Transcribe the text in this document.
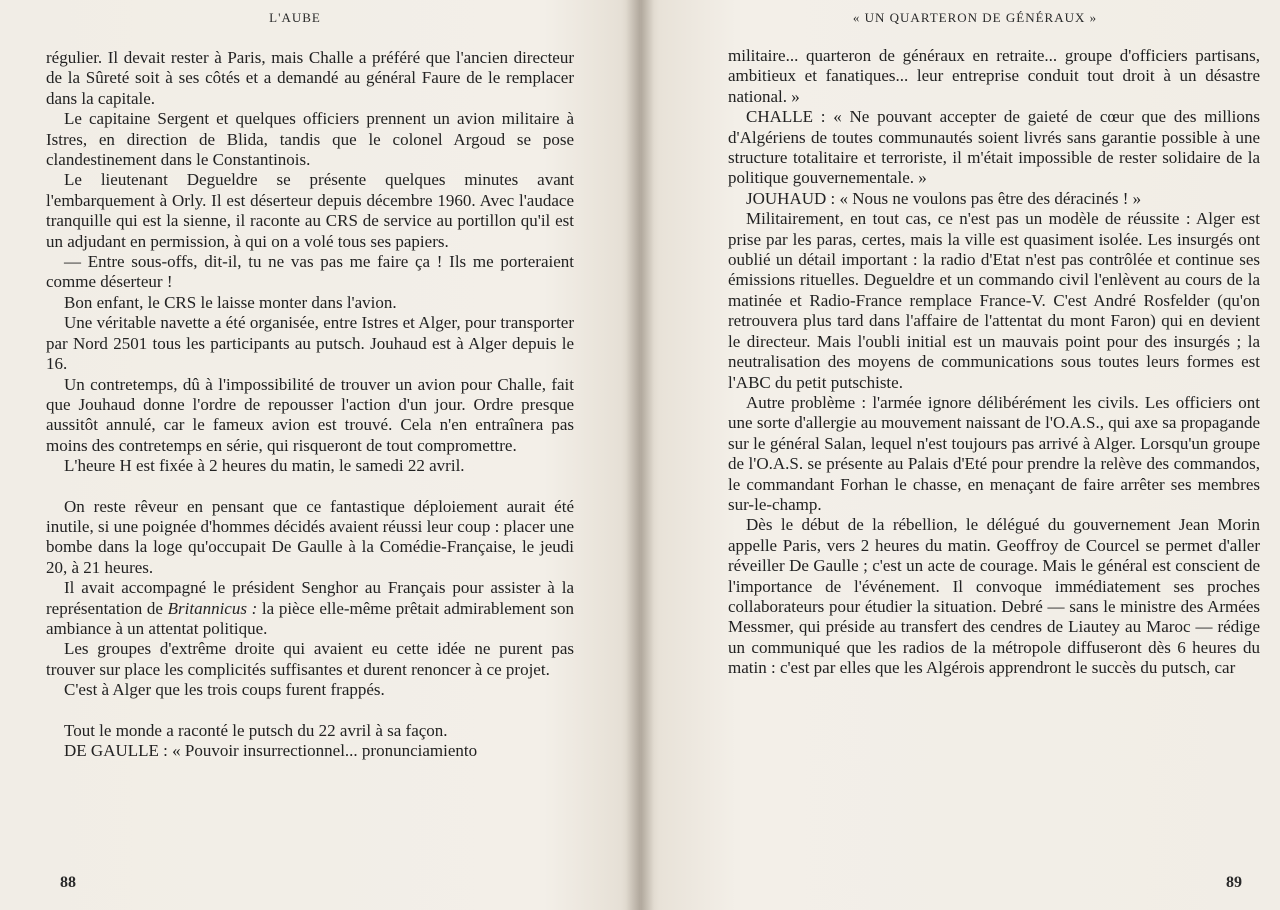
L'AUBE

régulier. Il devait rester à Paris, mais Challe a préféré que l'ancien directeur de la Sûreté soit à ses côtés et a demandé au général Faure de le remplacer dans la capitale.

Le capitaine Sergent et quelques officiers prennent un avion militaire à Istres, en direction de Blida, tandis que le colonel Argoud se pose clandestinement dans le Constantinois.

Le lieutenant Degueldre se présente quelques minutes avant l'embarquement à Orly. Il est déserteur depuis décembre 1960. Avec l'audace tranquille qui est la sienne, il raconte au CRS de service au portillon qu'il est un adjudant en permission, à qui on a volé tous ses papiers.

— Entre sous-offs, dit-il, tu ne vas pas me faire ça ! Ils me porteraient comme déserteur !

Bon enfant, le CRS le laisse monter dans l'avion.

Une véritable navette a été organisée, entre Istres et Alger, pour transporter par Nord 2501 tous les participants au putsch. Jouhaud est à Alger depuis le 16.

Un contretemps, dû à l'impossibilité de trouver un avion pour Challe, fait que Jouhaud donne l'ordre de repousser l'action d'un jour. Ordre presque aussitôt annulé, car le fameux avion est trouvé. Cela n'en entraînera pas moins des contretemps en série, qui risqueront de tout compromettre.

L'heure H est fixée à 2 heures du matin, le samedi 22 avril.

On reste rêveur en pensant que ce fantastique déploiement aurait été inutile, si une poignée d'hommes décidés avaient réussi leur coup : placer une bombe dans la loge qu'occupait De Gaulle à la Comédie-Française, le jeudi 20, à 21 heures.

Il avait accompagné le président Senghor au Français pour assister à la représentation de Britannicus : la pièce elle-même prêtait admirablement son ambiance à un attentat politique.

Les groupes d'extrême droite qui avaient eu cette idée ne purent pas trouver sur place les complicités suffisantes et durent renoncer à ce projet.

C'est à Alger que les trois coups furent frappés.

Tout le monde a raconté le putsch du 22 avril à sa façon.

DE GAULLE : « Pouvoir insurrectionnel... pronunciamiento

88
« UN QUARTERON DE GÉNÉRAUX »

militaire... quarteron de généraux en retraite... groupe d'officiers partisans, ambitieux et fanatiques... leur entreprise conduit tout droit à un désastre national. »

CHALLE : « Ne pouvant accepter de gaieté de cœur que des millions d'Algériens de toutes communautés soient livrés sans garantie possible à une structure totalitaire et terroriste, il m'était impossible de rester solidaire de la politique gouvernementale. »

JOUHAUD : « Nous ne voulons pas être des déracinés ! »

Militairement, en tout cas, ce n'est pas un modèle de réussite : Alger est prise par les paras, certes, mais la ville est quasiment isolée. Les insurgés ont oublié un détail important : la radio d'Etat n'est pas contrôlée et continue ses émissions rituelles. Degueldre et un commando civil l'enlèvent au cours de la matinée et Radio-France remplace France-V. C'est André Rosfelder (qu'on retrouvera plus tard dans l'affaire de l'attentat du mont Faron) qui en devient le directeur. Mais l'oubli initial est un mauvais point pour des insurgés ; la neutralisation des moyens de communications sous toutes leurs formes est l'ABC du petit putschiste.

Autre problème : l'armée ignore délibérément les civils. Les officiers ont une sorte d'allergie au mouvement naissant de l'O.A.S., qui axe sa propagande sur le général Salan, lequel n'est toujours pas arrivé à Alger. Lorsqu'un groupe de l'O.A.S. se présente au Palais d'Eté pour prendre la relève des commandos, le commandant Forhan le chasse, en menaçant de faire arrêter ses membres sur-le-champ.

Dès le début de la rébellion, le délégué du gouvernement Jean Morin appelle Paris, vers 2 heures du matin. Geoffroy de Courcel se permet d'aller réveiller De Gaulle ; c'est un acte de courage. Mais le général est conscient de l'importance de l'événement. Il convoque immédiatement ses proches collaborateurs pour étudier la situation. Debré — sans le ministre des Armées Messmer, qui préside au transfert des cendres de Liautey au Maroc — rédige un communiqué que les radios de la métropole diffuseront dès 6 heures du matin : c'est par elles que les Algérois apprendront le succès du putsch, car

89
